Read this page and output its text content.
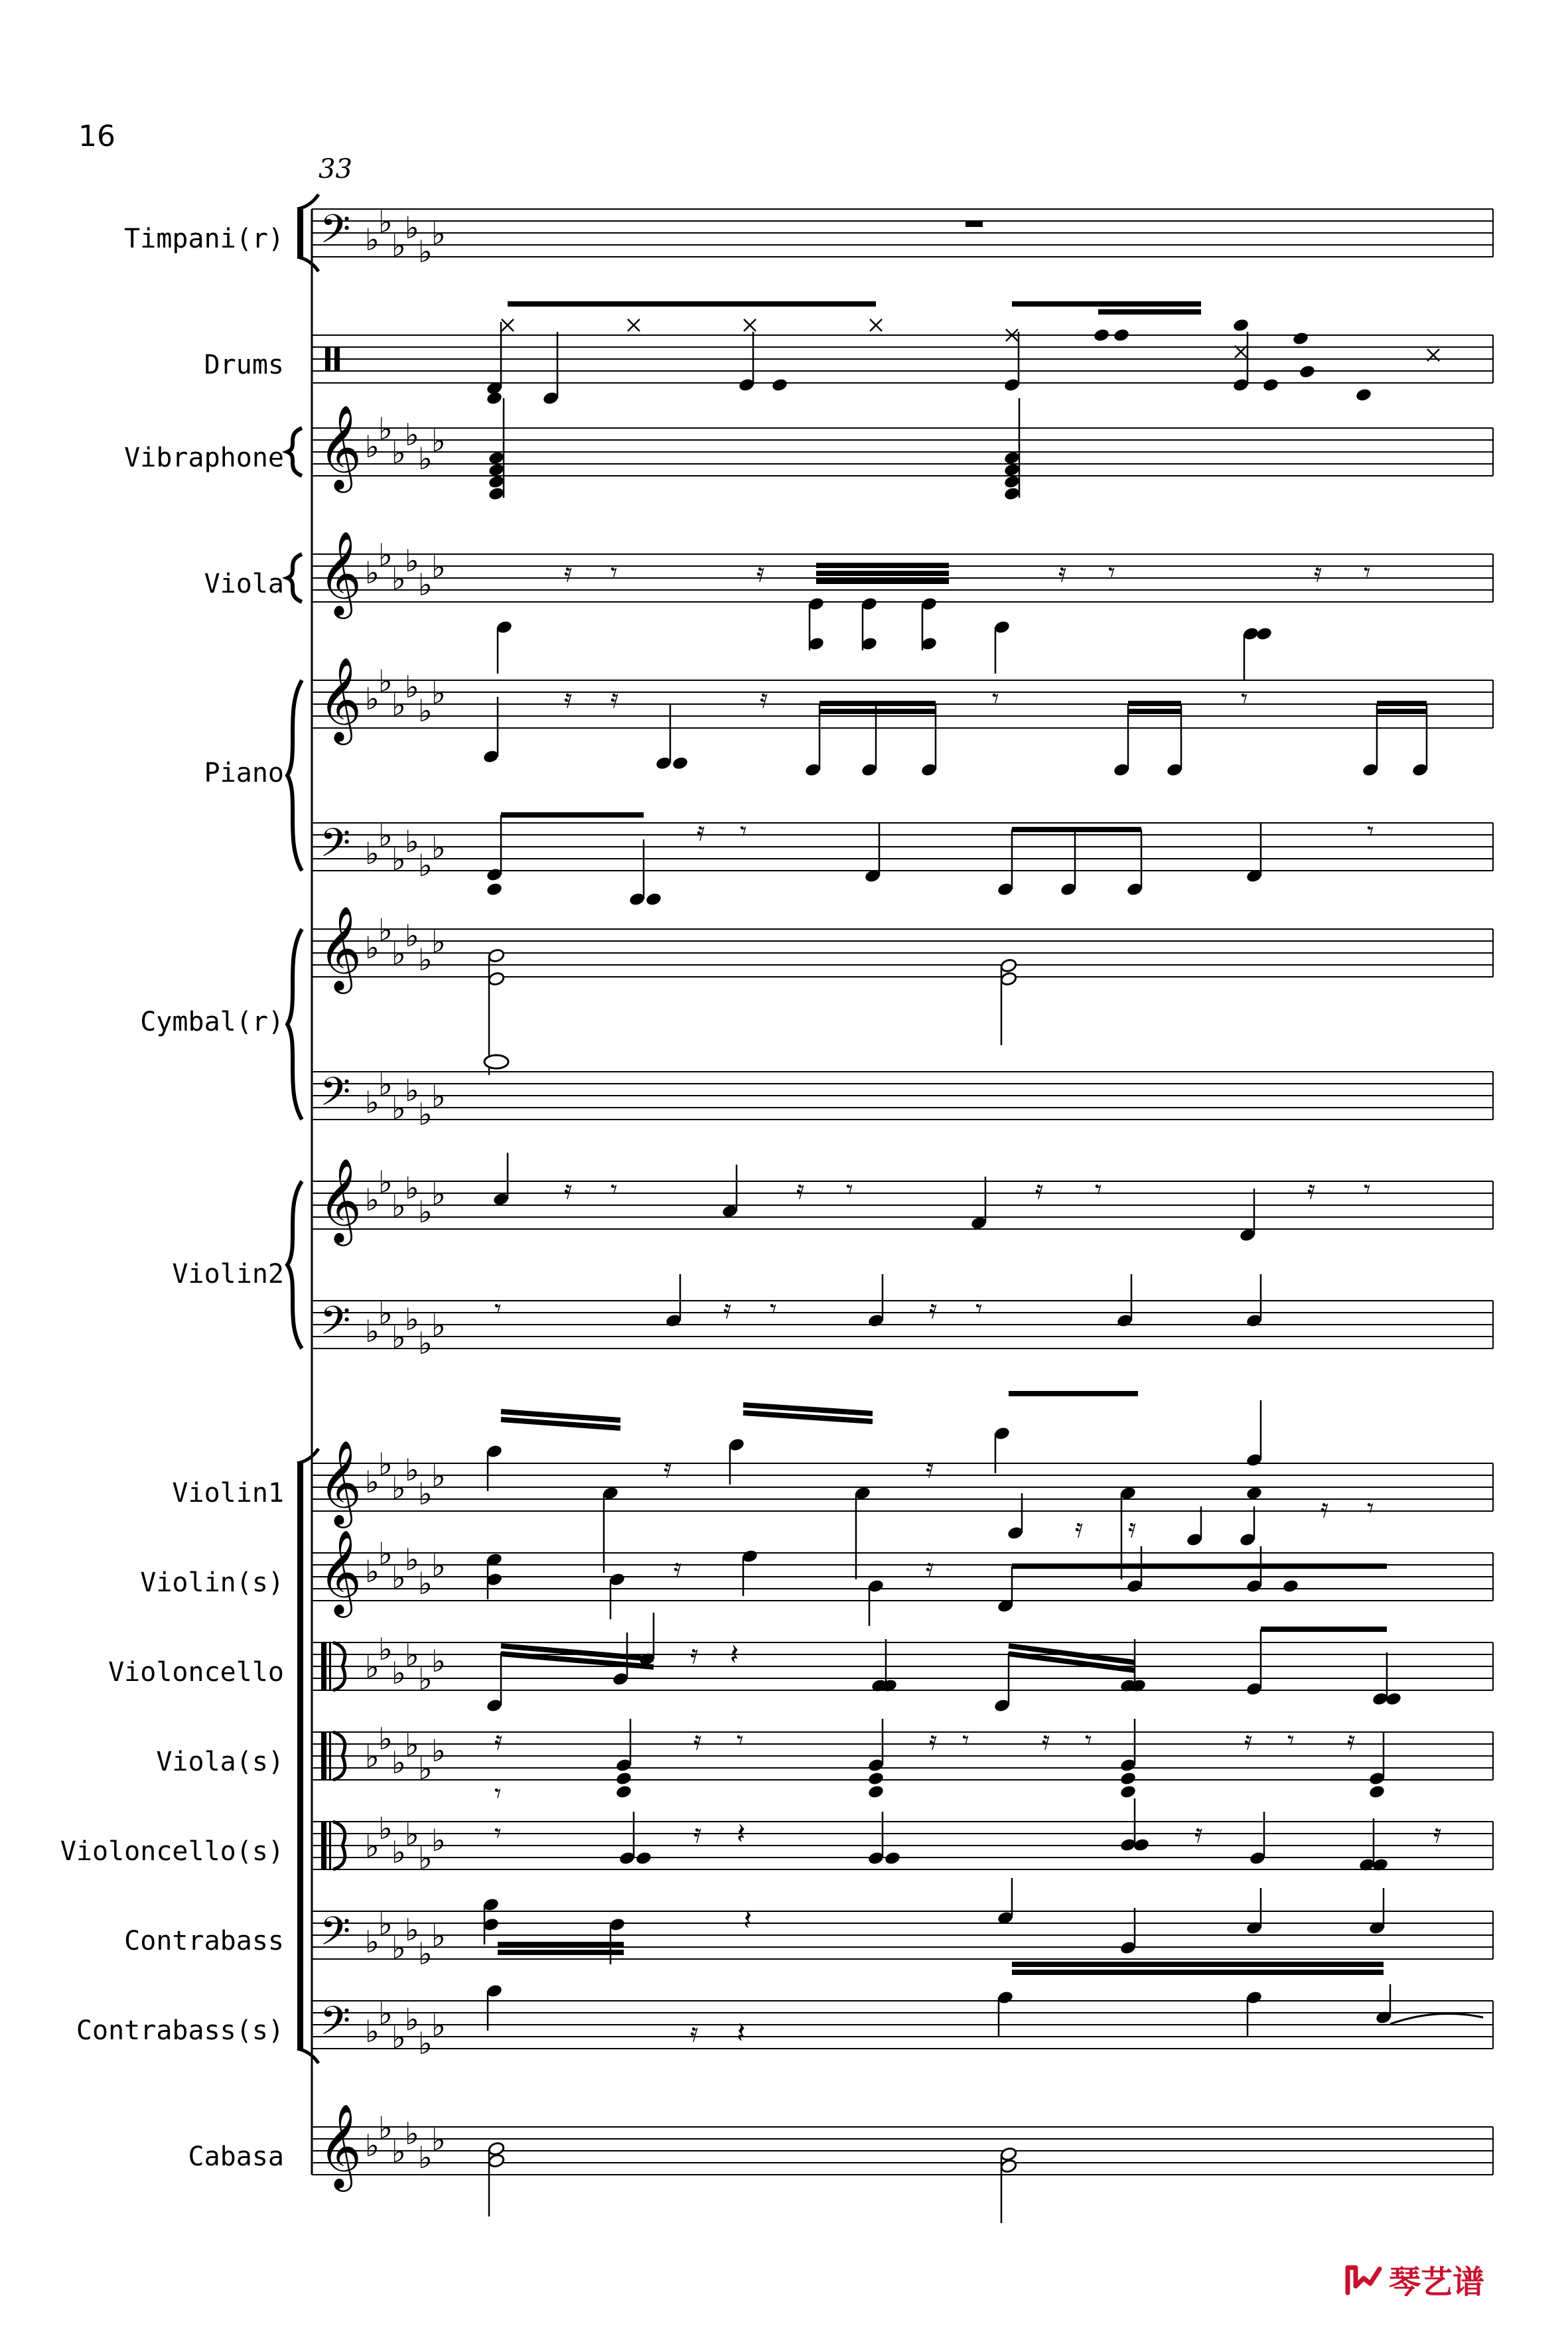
𝄢 ♭
♭
♭
♭
♭
♭
𝄞 ♭
♭
♭
♭
♭
♭
𝄞 ♭
♭
♭
♭
♭
♭
𝄞 ♭
♭
♭
♭
♭
♭
𝄢 ♭
♭
♭
♭
♭
♭
𝄞 ♭
♭
♭
♭
♭
♭
𝄢 ♭
♭
♭
♭
♭
♭
𝄞 ♭
♭
♭
♭
♭
♭
𝄢 ♭
♭
♭
♭
♭
♭
𝄞 ♭
♭
♭
♭
♭
♭
𝄞 ♭
♭
♭
♭
♭
♭
♭
♭
♭
♭
♭
♭
♭
♭
♭
♭
♭
♭
♭
♭
♭
♭
♭
♭
𝄢 ♭
♭
♭
♭
♭
♭
𝄢 ♭
♭
♭
♭
♭
♭
𝄞 ♭
♭
♭
♭
♭
♭
𝄿 𝄾	𝄿	𝄿 𝄾	𝄿 𝄾
𝄿 𝄿	𝄿	𝄾	𝄾
𝄿 𝄾	𝄾
𝄿	𝄿	𝄿	𝄿
𝄾	𝄾	𝄾	𝄾
𝄾	𝄿 𝄾	𝄿 𝄾
𝄿	𝄿
𝄿 𝄾
𝄿 𝄿
𝄿	𝄿
𝄿 𝄽
𝄿	𝄿	𝄿	𝄿	𝄿	𝄿
𝄾	𝄾	𝄾	𝄾
𝄾
𝄾	𝄿 𝄽	𝄿	𝄿
𝄽
𝄿 𝄽
16
33
Timpani(r)
Drums
Vibraphone
Viola
Piano
Cymbal(r)
Violin2
Violin1
Violin(s)
Violoncello
Viola(s)
Violoncello(s)
Contrabass
Contrabass(s)
Cabasa
琴艺谱
